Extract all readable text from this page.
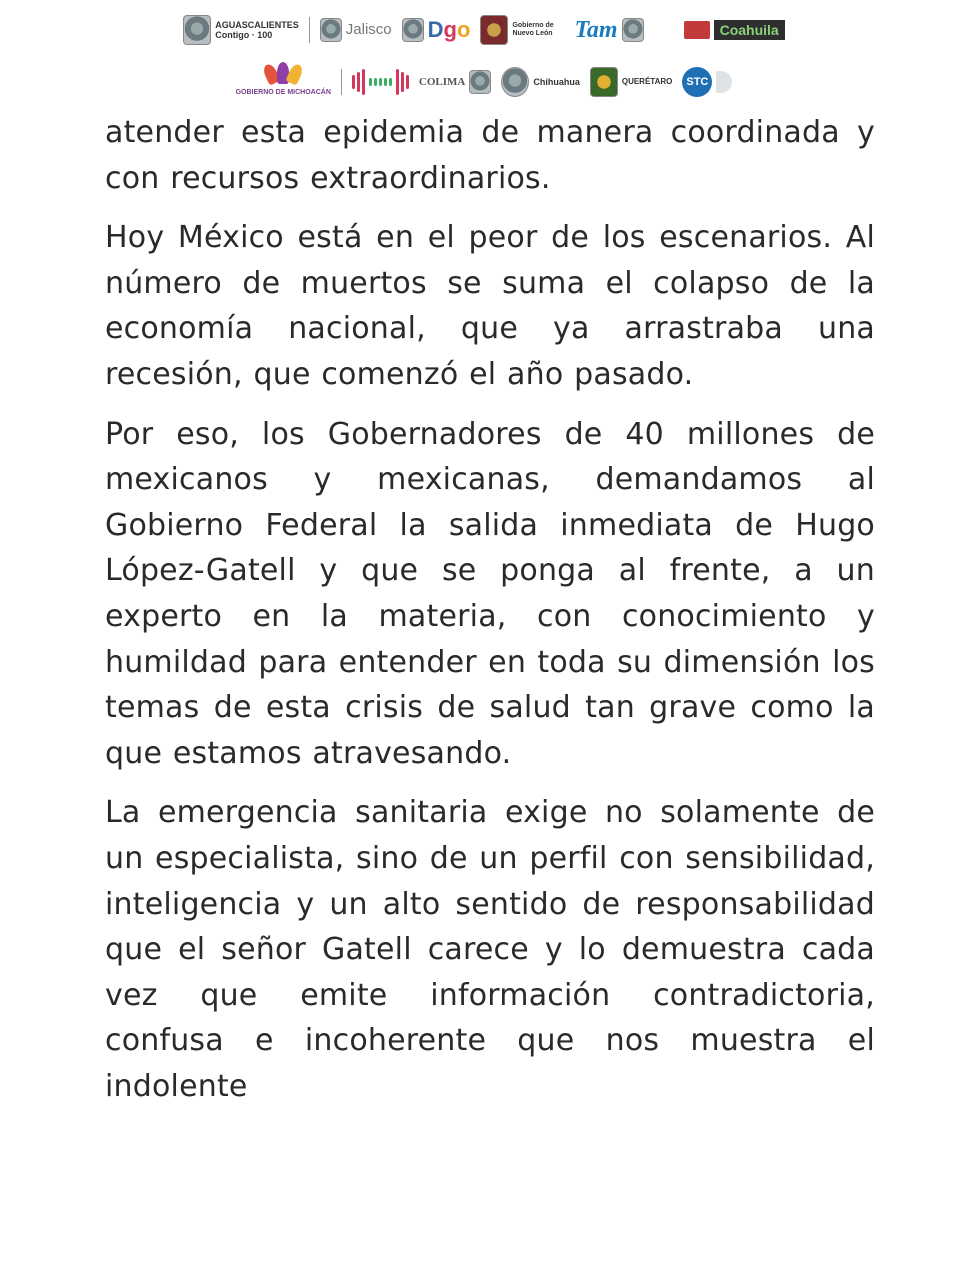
AGUASCALIENTES
Contigo · 100	Jalisco D g o	Gobierno de Nuevo León Tam	Coahuila
GOBIERNO DE MICHOACÁN
COLIMA	Chihuahua	QUERÉTARO STC

atender esta epidemia de manera coordinada y con recursos extraordinarios.

Hoy México está en el peor de los escenarios. Al número de muertos se suma el colapso de la economía nacional, que ya arrastraba una recesión, que comenzó el año pasado.

Por eso, los Gobernadores de 40 millones de mexicanos y mexicanas, demandamos al Gobierno Federal la salida inmediata de Hugo López-Gatell y que se ponga al frente, a un experto en la materia, con conocimiento y humildad para entender en toda su dimensión los temas de esta crisis de salud tan grave como la que estamos atravesando.

La emergencia sanitaria exige no solamente de un especialista, sino de un perfil con sensibilidad, inteligencia y un alto sentido de responsabilidad que el señor Gatell carece y lo demuestra cada vez que emite información contradictoria, confusa e incoherente que nos muestra el indolente
